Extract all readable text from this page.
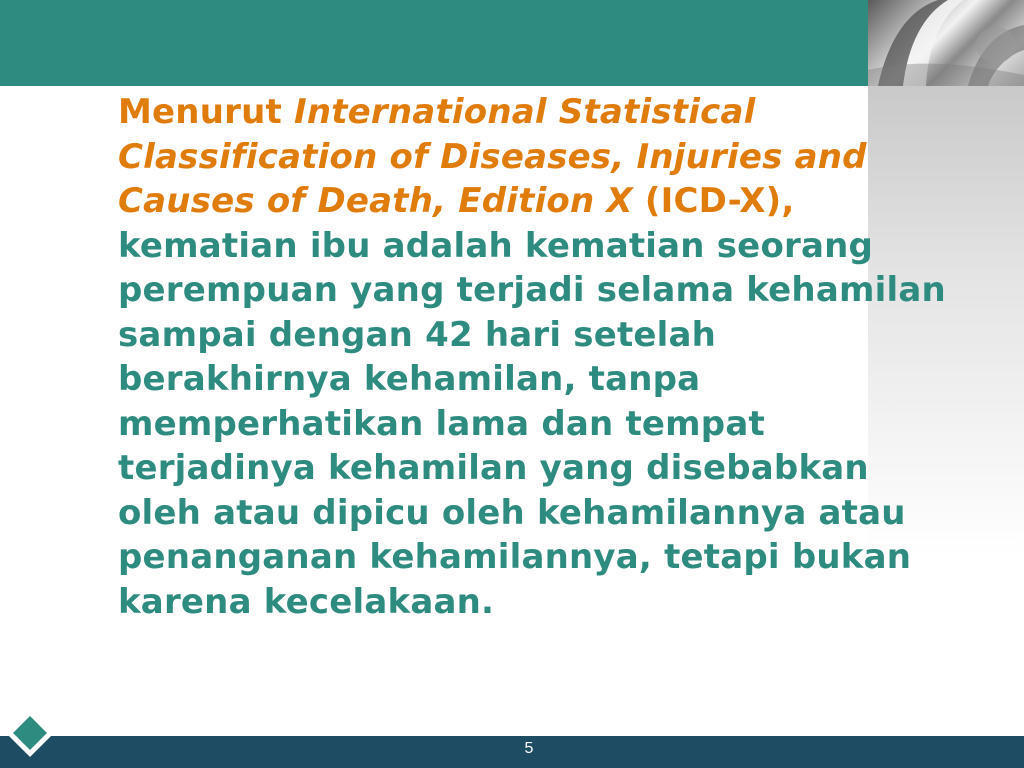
Menurut International Statistical Classification of Diseases, Injuries and Causes of Death, Edition X (ICD-X), kematian ibu adalah kematian seorang perempuan yang terjadi selama kehamilan sampai dengan 42 hari setelah berakhirnya kehamilan, tanpa memperhatikan lama dan tempat terjadinya kehamilan yang disebabkan oleh atau dipicu oleh kehamilannya atau penanganan kehamilannya, tetapi bukan karena kecelakaan.
5
